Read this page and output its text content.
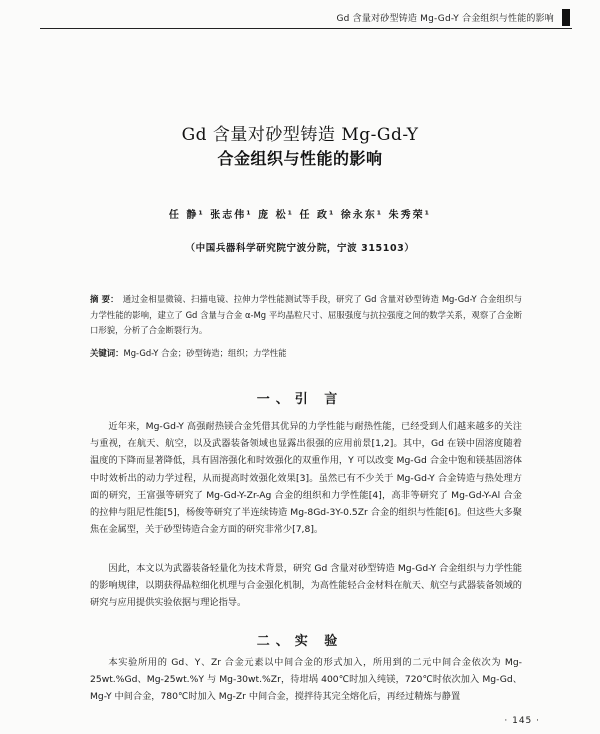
Gd 含量对砂型铸造 Mg-Gd-Y 合金组织与性能的影响
Gd 含量对砂型铸造 Mg-Gd-Y
合金组织与性能的影响
任 静¹ 张志伟¹ 庞 松¹ 任 政¹ 徐永东¹ 朱秀荣¹
（中国兵器科学研究院宁波分院，宁波 315103）
摘 要： 通过金相显微镜、扫描电镜、拉伸力学性能测试等手段，研究了 Gd 含量对砂型铸造 Mg-Gd-Y 合金组织与力学性能的影响，建立了 Gd 含量与合金 α-Mg 平均晶粒尺寸、屈服强度与抗拉强度之间的数学关系，观察了合金断口形貌，分析了合金断裂行为。
关键词：Mg-Gd-Y 合金；砂型铸造；组织；力学性能
一、引 言
近年来，Mg-Gd-Y 高强耐热镁合金凭借其优异的力学性能与耐热性能，已经受到人们越来越多的关注与重视，在航天、航空，以及武器装备领域也显露出很强的应用前景[1,2]。其中，Gd 在镁中固溶度随着温度的下降而显著降低，具有固溶强化和时效强化的双重作用，Y 可以改变 Mg-Gd 合金中饱和镁基固溶体中时效析出的动力学过程，从而提高时效强化效果[3]。虽然已有不少关于 Mg-Gd-Y 合金铸造与热处理方面的研究，王富强等研究了 Mg-Gd-Y-Zr-Ag 合金的组织和力学性能[4]，高非等研究了 Mg-Gd-Y-Al 合金的拉伸与阻尼性能[5]，杨俊等研究了半连续铸造 Mg-8Gd-3Y-0.5Zr 合金的组织与性能[6]。但这些大多聚焦在金属型，关于砂型铸造合金方面的研究非常少[7,8]。
因此，本文以为武器装备轻量化为技术背景，研究 Gd 含量对砂型铸造 Mg-Gd-Y 合金组织与力学性能的影响规律，以期获得晶粒细化机理与合金强化机制，为高性能轻合金材料在航天、航空与武器装备领域的研究与应用提供实验依据与理论指导。
二、实 验
本实验所用的 Gd、Y、Zr 合金元素以中间合金的形式加入，所用到的二元中间合金依次为 Mg-25wt.%Gd、Mg-25wt.%Y 与 Mg-30wt.%Zr，待坩埚 400℃时加入纯镁，720℃时依次加入 Mg-Gd、Mg-Y 中间合金，780℃时加入 Mg-Zr 中间合金，搅拌待其完全熔化后，再经过精炼与静置
· 145 ·
